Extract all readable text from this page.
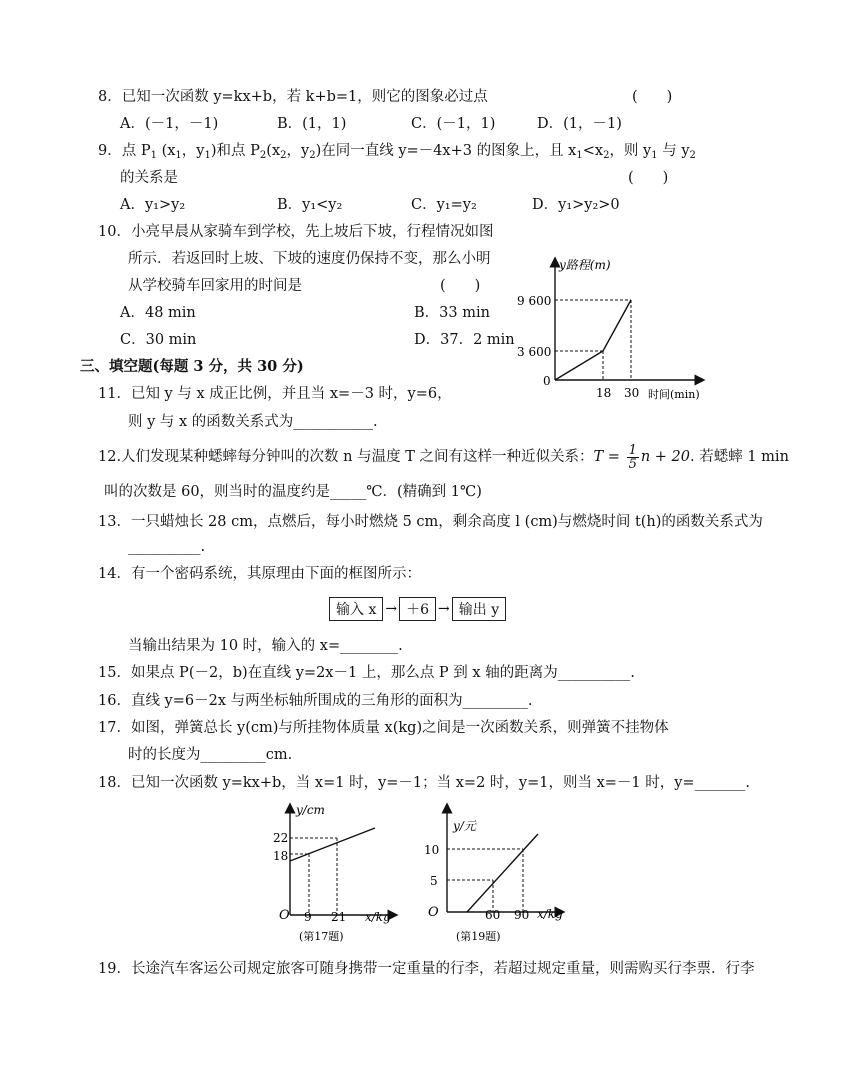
8．已知一次函数 y=kx+b，若 k+b=1，则它的图象必过点	(　　)
A．(－1，－1)	B．(1，1)	C．(－1，1)	D．(1，－1)
9．点 $P_1$ ($x_1$，$y_1$)和点 $P_2(x_2$，$y_2$)在同一直线 y=－4x+3 的图象上，且 $x_1<x_2$，则 $y_1$ 与 $y_2$
的关系是	(　　)
A．y₁>y₂	B．y₁<y₂	C．y₁=y₂	D．y₁>y₂>0
10．小亮早晨从家骑车到学校，先上坡后下坡，行程情况如图
所示．若返回时上坡、下坡的速度仍保持不变，那么小明
从学校骑车回家用的时间是	(　　)
A．48 min	B．33 min
C．30 min	D．37．2 min
y路程(m)
时间(min)
0
3 600
9 600
18 30
三、填空题(每题 3 分，共 30 分)
11．已知 y 与 x 成正比例，并且当 x=－3 时，y=6，
则 y 与 x 的函数关系式为___________.
12.人们发现某种蟋蟀每分钟叫的次数 n 与温度 T 之间有这样一种近似关系：$T = \frac{1}{5}$ n + 20. 若蟋蟀 1 min
叫的次数是 60，则当时的温度约是_____℃．(精确到 1℃)
13．一只蜡烛长 28 cm，点燃后，每小时燃烧 5 cm，剩余高度 l (cm)与燃烧时间 t(h)的函数关系式为
__________.
14．有一个密码系统，其原理由下面的框图所示：
输入 x → ＋6 → 输出 y
当输出结果为 10 时，输入的 x=________.
15．如果点 P(－2，b)在直线 y=2x－1 上，那么点 P 到 x 轴的距离为__________.
16．直线 y=6－2x 与两坐标轴所围成的三角形的面积为_________.
17．如图，弹簧总长 y(cm)与所挂物体质量 x(kg)之间是一次函数关系，则弹簧不挂物体
时的长度为_________cm.
18．已知一次函数 y=kx+b，当 x=1 时，y=－1；当 x=2 时，y=1，则当 x=－1 时，y=_______.
y/cm
x/kg
O
18
22
9 21
(第17题)
y/元
x/kg
O
5
10
60 90
(第19题)
19．长途汽车客运公司规定旅客可随身携带一定重量的行李，若超过规定重量，则需购买行李票．行李
